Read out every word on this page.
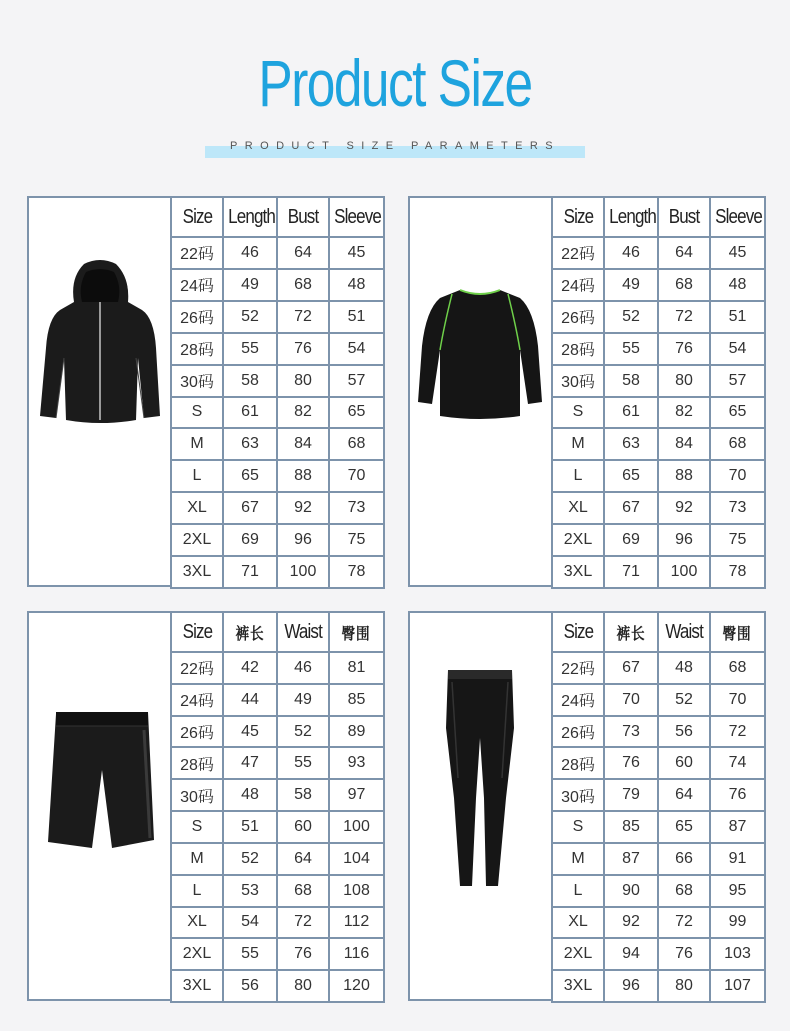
Product Size
PRODUCT SIZE PARAMETERS
Size	Length	Bust	Sleeve
22码	46	64	45
24码	49	68	48
26码	52	72	51
28码	55	76	54
30码	58	80	57
S	61	82	65
M	63	84	68
L	65	88	70
XL	67	92	73
2XL	69	96	75
3XL	71	100	78
Size	Length	Bust	Sleeve
22码	46	64	45
24码	49	68	48
26码	52	72	51
28码	55	76	54
30码	58	80	57
S	61	82	65
M	63	84	68
L	65	88	70
XL	67	92	73
2XL	69	96	75
3XL	71	100	78
Size	裤长	Waist	臀围
22码	42	46	81
24码	44	49	85
26码	45	52	89
28码	47	55	93
30码	48	58	97
S	51	60	100
M	52	64	104
L	53	68	108
XL	54	72	112
2XL	55	76	116
3XL	56	80	120
Size	裤长	Waist	臀围
22码	67	48	68
24码	70	52	70
26码	73	56	72
28码	76	60	74
30码	79	64	76
S	85	65	87
M	87	66	91
L	90	68	95
XL	92	72	99
2XL	94	76	103
3XL	96	80	107
